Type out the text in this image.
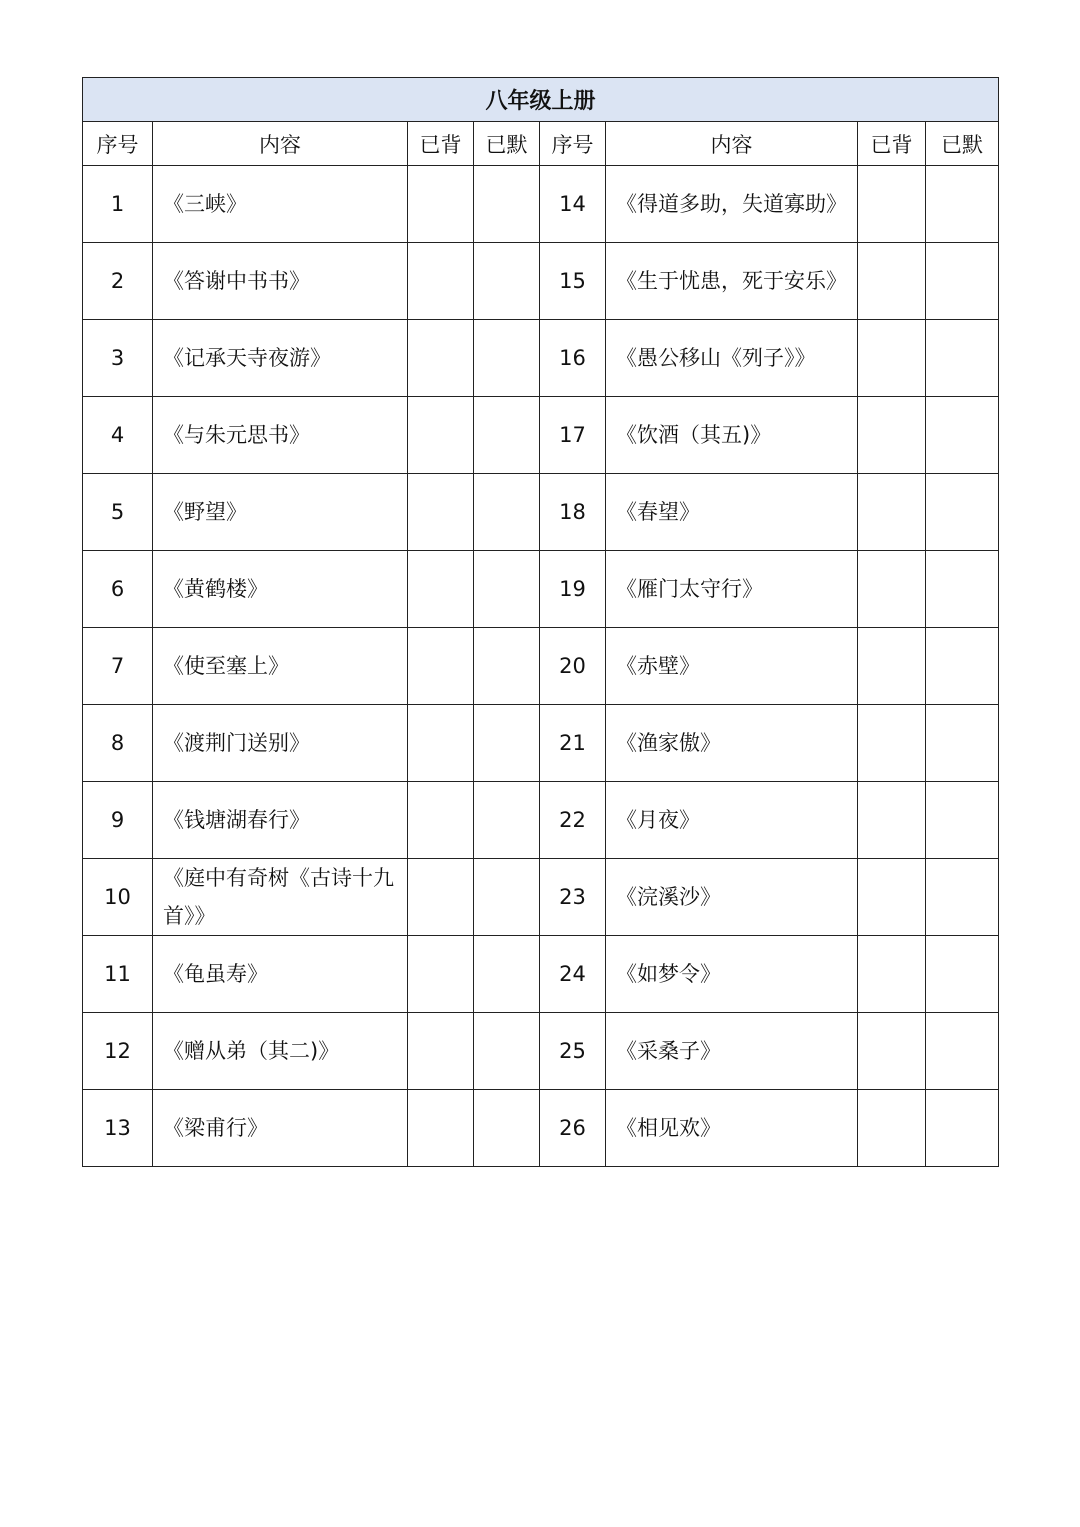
八年级上册							
序号	内容	已背	已默	序号	内容	已背	已默
1	《三峡》			14	《得道多助，失道寡助》		
2	《答谢中书书》			15	《生于忧患，死于安乐》		
3	《记承天寺夜游》			16	《愚公移山《列子》》		
4	《与朱元思书》			17	《饮酒（其五)》		
5	《野望》			18	《春望》		
6	《黄鹤楼》			19	《雁门太守行》		
7	《使至塞上》			20	《赤壁》		
8	《渡荆门送别》			21	《渔家傲》		
9	《钱塘湖春行》			22	《月夜》		
10	《庭中有奇树《古诗十九首》》			23	《浣溪沙》		
11	《龟虽寿》			24	《如梦令》		
12	《赠从弟（其二)》			25	《采桑子》		
13	《梁甫行》			26	《相见欢》		
